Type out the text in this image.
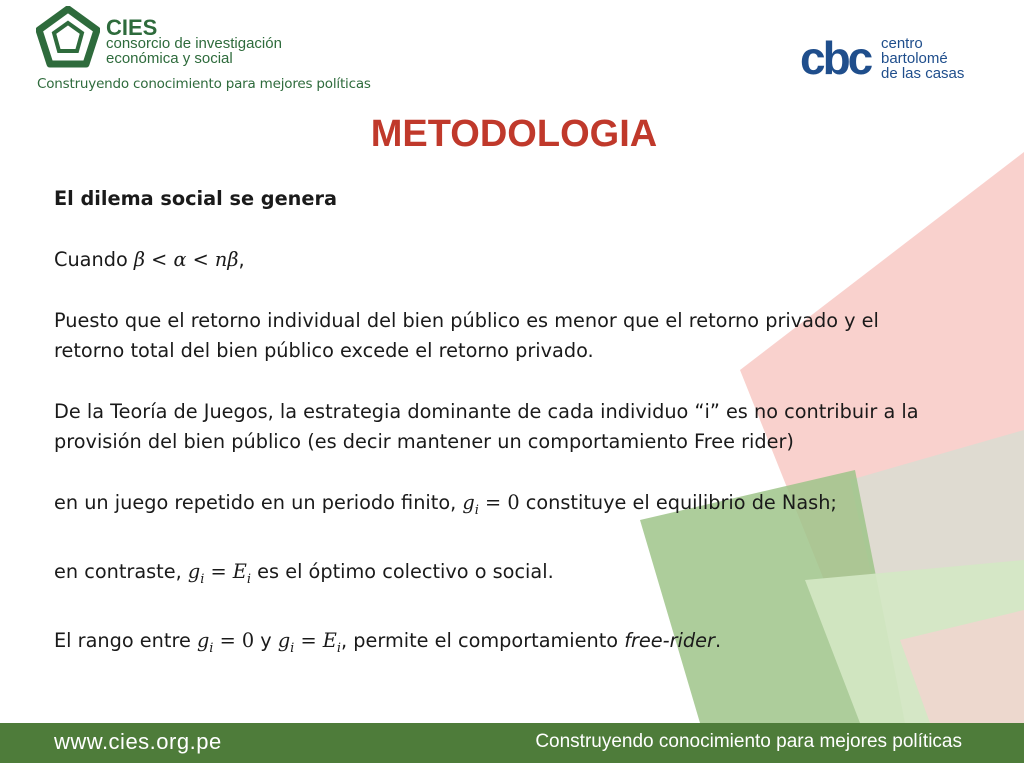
CIES
consorcio de investigación
económica y social
Construyendo conocimiento para mejores políticas	cbc centro
bartolomé
de las casas
METODOLOGIA

El dilema social se genera

Cuando β < α < nβ,

Puesto que el retorno individual del bien público es menor que el retorno privado y el

retorno total del bien público excede el retorno privado.

De la Teoría de Juegos, la estrategia dominante de cada individuo “i” es no contribuir a la

provisión del bien público (es decir mantener un comportamiento Free rider)

en un juego repetido en un periodo finito, $g_i = 0$ constituye el equilibrio de Nash;

en contraste, $g_i = E_i$ es el óptimo colectivo o social.

El rango entre $g_i = 0$ y $g_i = E_i$, permite el comportamiento free-rider.

www.cies.org.pe	Construyendo conocimiento para mejores políticas
